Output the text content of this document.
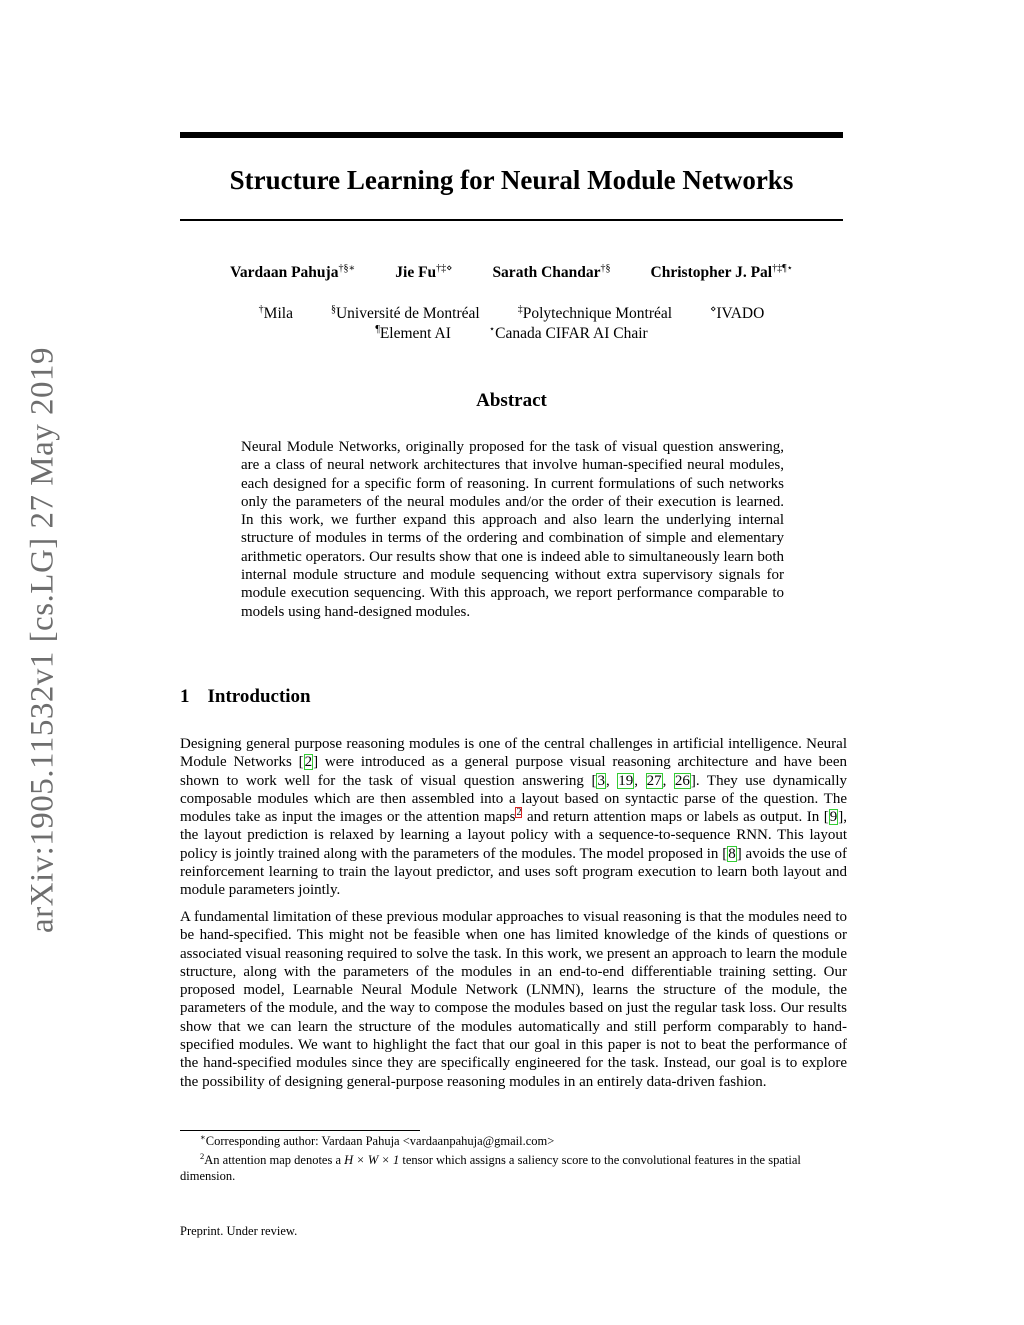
arXiv:1905.11532v1 [cs.LG] 27 May 2019
Structure Learning for Neural Module Networks
Vardaan Pahuja†§∗	Jie Fu†‡⋄	Sarath Chandar†§	Christopher J. Pal†‡¶⋆
†Mila	§Université de Montréal	‡Polytechnique Montréal	⋄IVADO
¶Element AI	⋆Canada CIFAR AI Chair
Abstract

Neural Module Networks, originally proposed for the task of visual question answering, are a class of neural network architectures that involve human-specified neural modules, each designed for a specific form of reasoning. In current formulations of such networks only the parameters of the neural modules and/or the order of their execution is learned. In this work, we further expand this approach and also learn the underlying internal structure of modules in terms of the ordering and combination of simple and elementary arithmetic operators. Our results show that one is indeed able to simultaneously learn both internal module structure and module sequencing without extra supervisory signals for module execution sequencing. With this approach, we report performance comparable to models using hand-designed modules.

1 Introduction

Designing general purpose reasoning modules is one of the central challenges in artificial intelligence. Neural Module Networks [2] were introduced as a general purpose visual reasoning architecture and have been shown to work well for the task of visual question answering [3, 19, 27, 26]. They use dynamically composable modules which are then assembled into a layout based on syntactic parse of the question. The modules take as input the images or the attention maps$^2$ and return attention maps or labels as output. In [9], the layout prediction is relaxed by learning a layout policy with a sequence-to-sequence RNN. This layout policy is jointly trained along with the parameters of the modules. The model proposed in [8] avoids the use of reinforcement learning to train the layout predictor, and uses soft program execution to learn both layout and module parameters jointly.

A fundamental limitation of these previous modular approaches to visual reasoning is that the modules need to be hand-specified. This might not be feasible when one has limited knowledge of the kinds of questions or associated visual reasoning required to solve the task. In this work, we present an approach to learn the module structure, along with the parameters of the modules in an end-to-end differentiable training setting. Our proposed model, Learnable Neural Module Network (LNMN), learns the structure of the module, the parameters of the module, and the way to compose the modules based on just the regular task loss. Our results show that we can learn the structure of the modules automatically and still perform comparably to hand-specified modules. We want to highlight the fact that our goal in this paper is not to beat the performance of the hand-specified modules since they are specifically engineered for the task. Instead, our goal is to explore the possibility of designing general-purpose reasoning modules in an entirely data-driven fashion.

∗Corresponding author: Vardaan Pahuja <vardaanpahuja@gmail.com>

$^2$An attention map denotes a H × W × 1 tensor which assigns a saliency score to the convolutional features in the spatial dimension.

Preprint. Under review.
